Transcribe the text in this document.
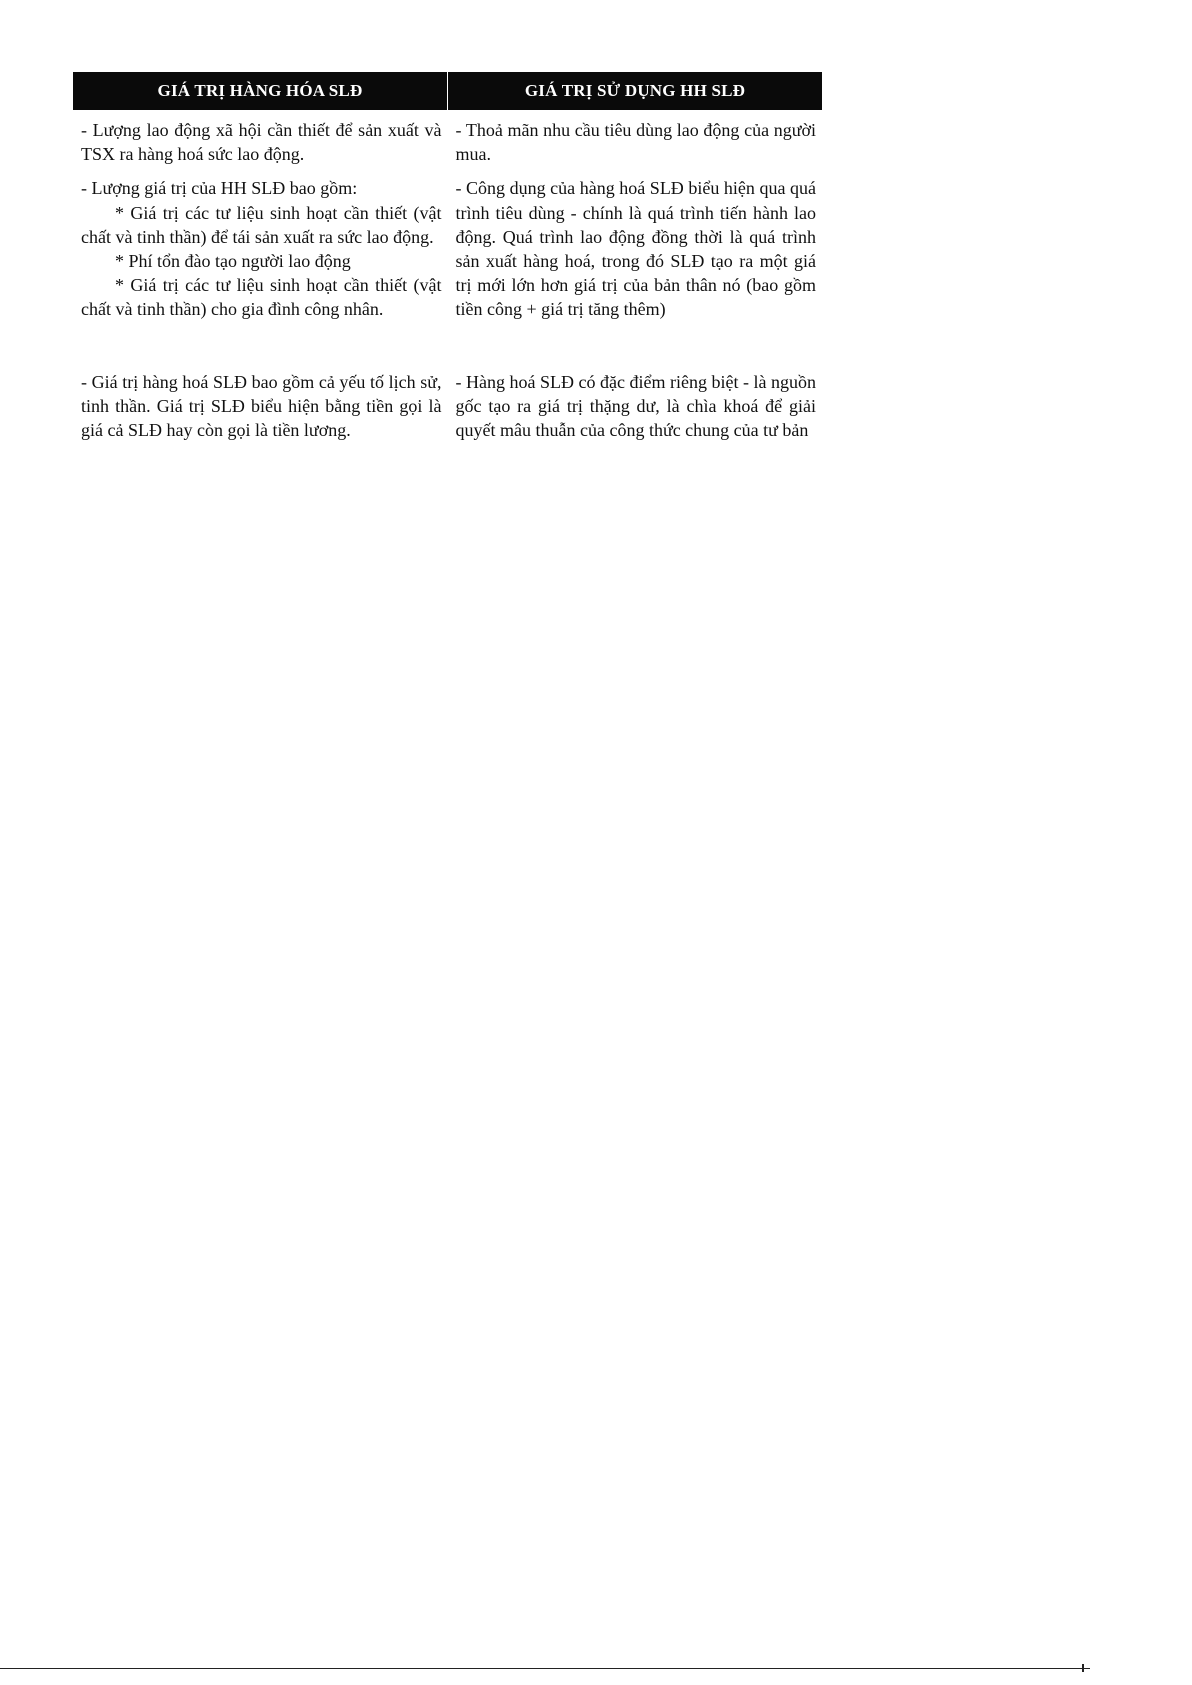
GIÁ TRỊ HÀNG HÓA SLĐ	GIÁ TRỊ SỬ DỤNG HH SLĐ

- Lượng lao động xã hội cần thiết để sản xuất và TSX ra hàng hoá sức lao động.

- Thoả mãn nhu cầu tiêu dùng lao động của người mua.

- Lượng giá trị của HH SLĐ bao gồm:

* Giá trị các tư liệu sinh hoạt cần thiết (vật chất và tinh thần) để tái sản xuất ra sức lao động.

* Phí tổn đào tạo người lao động

* Giá trị các tư liệu sinh hoạt cần thiết (vật chất và tinh thần) cho gia đình công nhân.

- Công dụng của hàng hoá SLĐ biểu hiện qua quá trình tiêu dùng - chính là quá trình tiến hành lao động. Quá trình lao động đồng thời là quá trình sản xuất hàng hoá, trong đó SLĐ tạo ra một giá trị mới lớn hơn giá trị của bản thân nó (bao gồm tiền công + giá trị tăng thêm)

- Giá trị hàng hoá SLĐ bao gồm cả yếu tố lịch sử, tinh thần. Giá trị SLĐ biểu hiện bằng tiền gọi là giá cả SLĐ hay còn gọi là tiền lương.

- Hàng hoá SLĐ có đặc điểm riêng biệt - là nguồn gốc tạo ra giá trị thặng dư, là chìa khoá để giải quyết mâu thuẫn của công thức chung của tư bản
